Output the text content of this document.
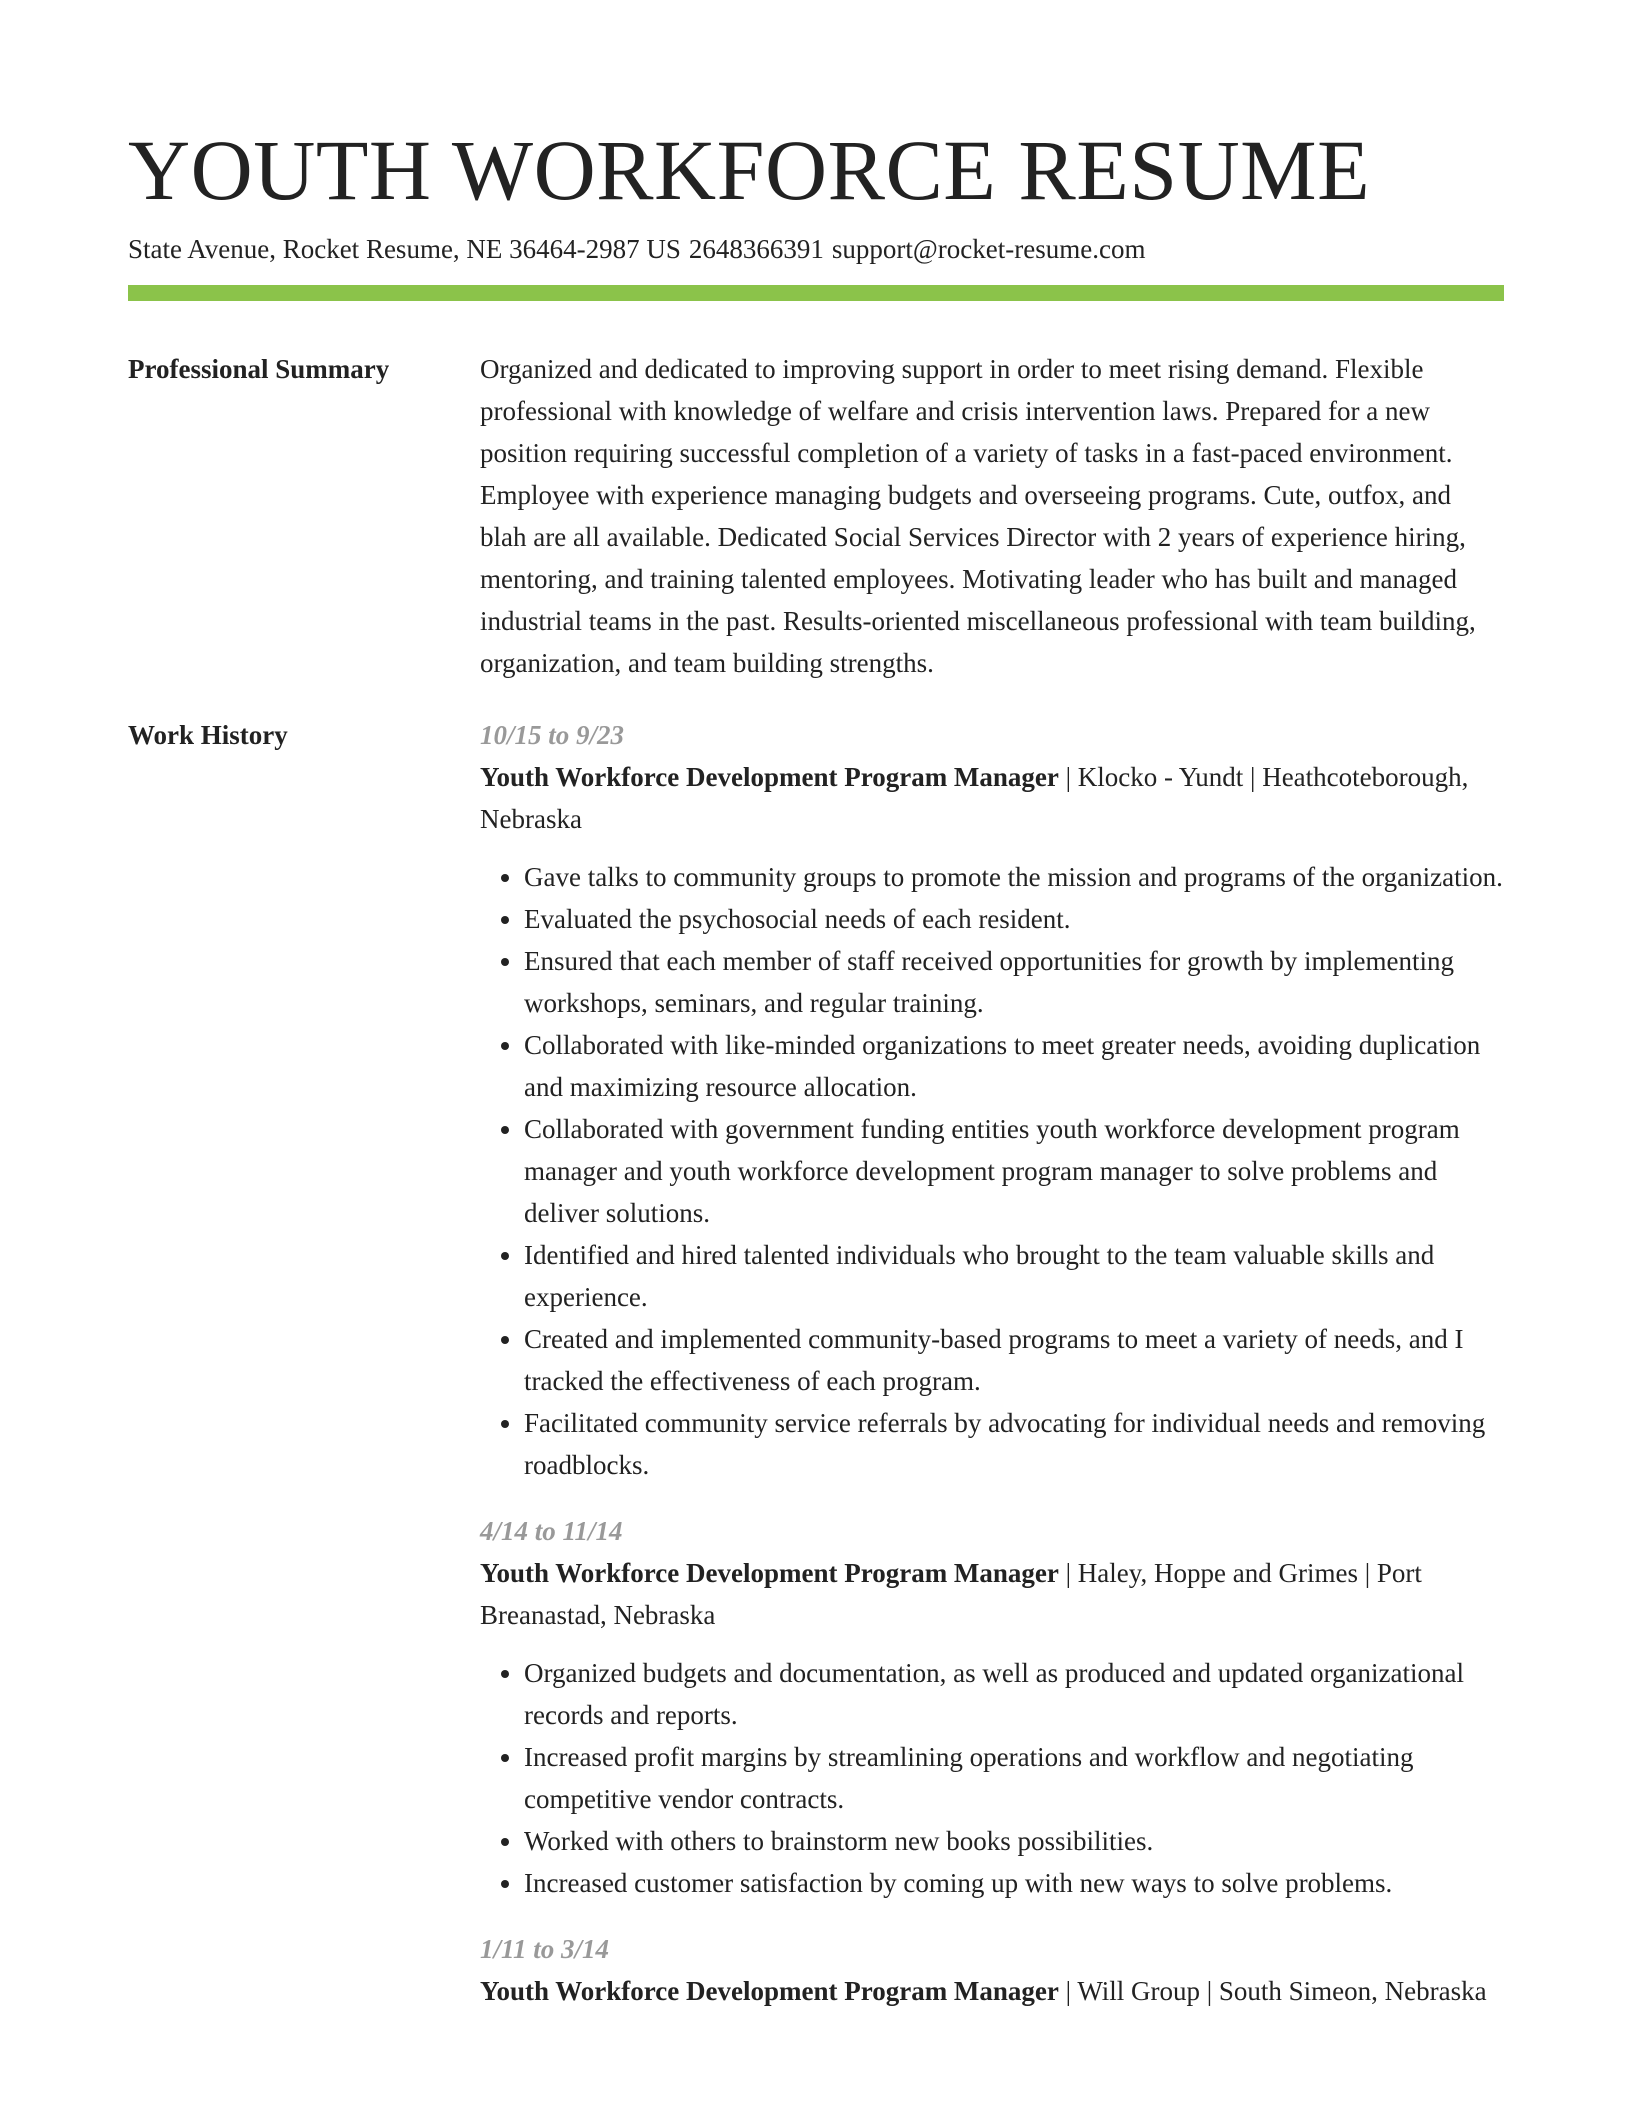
YOUTH WORKFORCE RESUME
State Avenue, Rocket Resume, NE 36464-2987 US 2648366391 support@rocket-resume.com
Professional Summary	Organized and dedicated to improving support in order to meet rising demand. Flexible professional with knowledge of welfare and crisis intervention laws. Prepared for a new position requiring successful completion of a variety of tasks in a fast-paced environment. Employee with experience managing budgets and overseeing programs. Cute, outfox, and blah are all available. Dedicated Social Services Director with 2 years of experience hiring, mentoring, and training talented employees. Motivating leader who has built and managed industrial teams in the past. Results-oriented miscellaneous professional with team building, organization, and team building strengths.

Work History	10/15 to 9/23
Youth Workforce Development Program Manager | Klocko - Yundt | Heathcoteborough, Nebraska
• Gave talks to community groups to promote the mission and programs of the organization.
• Evaluated the psychosocial needs of each resident.
• Ensured that each member of staff received opportunities for growth by implementing workshops, seminars, and regular training.
• Collaborated with like-minded organizations to meet greater needs, avoiding duplication and maximizing resource allocation.
• Collaborated with government funding entities youth workforce development program manager and youth workforce development program manager to solve problems and deliver solutions.
• Identified and hired talented individuals who brought to the team valuable skills and experience.
• Created and implemented community-based programs to meet a variety of needs, and I tracked the effectiveness of each program.
• Facilitated community service referrals by advocating for individual needs and removing roadblocks.
4/14 to 11/14
Youth Workforce Development Program Manager | Haley, Hoppe and Grimes | Port Breanastad, Nebraska
• Organized budgets and documentation, as well as produced and updated organizational records and reports.
• Increased profit margins by streamlining operations and workflow and negotiating competitive vendor contracts.
• Worked with others to brainstorm new books possibilities.
• Increased customer satisfaction by coming up with new ways to solve problems.
1/11 to 3/14
Youth Workforce Development Program Manager | Will Group | South Simeon, Nebraska
